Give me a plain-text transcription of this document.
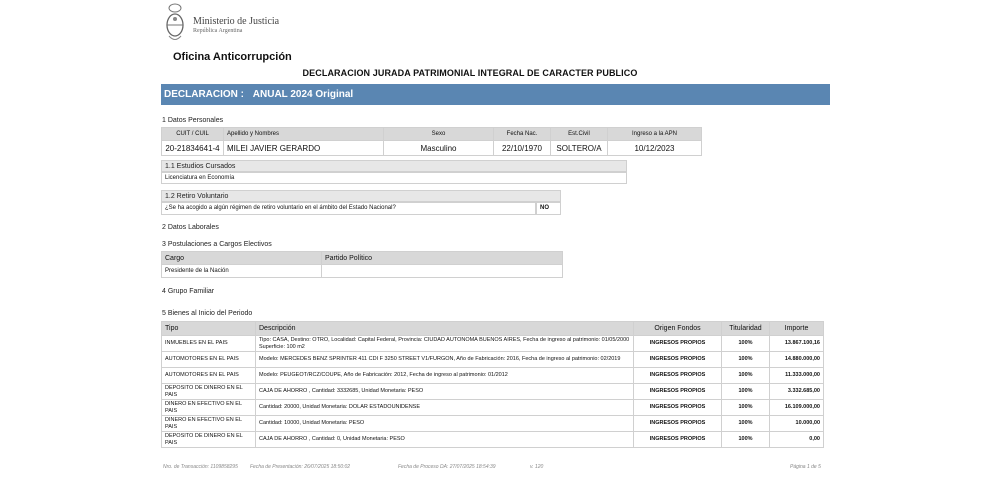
Ministerio de Justicia
República Argentina
Oficina Anticorrupción
DECLARACION JURADA PATRIMONIAL INTEGRAL DE CARACTER PUBLICO
DECLARACION : ANUAL 2024 Original
1 Datos Personales
CUIT / CUIL	Apellido y Nombres	Sexo	Fecha Nac.	Est.Civil	Ingreso a la APN
20-21834641-4	MILEI JAVIER GERARDO	Masculino	22/10/1970	SOLTERO/A	10/12/2023
1.1 Estudios Cursados
Licenciatura en Economía
1.2 Retiro Voluntario
¿Se ha acogido a algún régimen de retiro voluntario en el ámbito del Estado Nacional?	NO
2 Datos Laborales
3 Postulaciones a Cargos Electivos
Cargo	Partido Político
Presidente de la Nación	
4 Grupo Familiar
5 Bienes al Inicio del Periodo
Tipo	Descripción	Origen Fondos	Titularidad	Importe
INMUEBLES EN EL PAIS	Tipo: CASA, Destino: OTRO, Localidad: Capital Federal, Provincia: CIUDAD AUTONOMA BUENOS AIRES, Fecha de ingreso al patrimonio: 01/05/2000 Superficie: 100 m2	INGRESOS PROPIOS	100%	13.867.100,16
AUTOMOTORES EN EL PAIS	Modelo: MERCEDES BENZ SPRINTER 411 CDI F 3250 STREET V1/FURGON, Año de Fabricación: 2016, Fecha de ingreso al patrimonio: 02/2019	INGRESOS PROPIOS	100%	14.880.000,00
AUTOMOTORES EN EL PAIS	Modelo: PEUGEOT/RCZ/COUPE, Año de Fabricación: 2012, Fecha de ingreso al patrimonio: 01/2012	INGRESOS PROPIOS	100%	11.333.000,00
DEPOSITO DE DINERO EN EL PAIS	CAJA DE AHORRO , Cantidad: 3332685, Unidad Monetaria: PESO	INGRESOS PROPIOS	100%	3.332.685,00
DINERO EN EFECTIVO EN EL PAIS	Cantidad: 20000, Unidad Monetaria: DOLAR ESTADOUNIDENSE	INGRESOS PROPIOS	100%	16.109.000,00
DINERO EN EFECTIVO EN EL PAIS	Cantidad: 10000, Unidad Monetaria: PESO	INGRESOS PROPIOS	100%	10.000,00
DEPOSITO DE DINERO EN EL PAIS	CAJA DE AHORRO , Cantidad: 0, Unidad Monetaria: PESO	INGRESOS PROPIOS	100%	0,00
Nro. de Transacción: 1109858295 Fecha de Presentación: 26/07/2025 18:50:02	Fecha de Proceso DA: 27/07/2025 18:54:39	v. 120	Página 1 de 5
